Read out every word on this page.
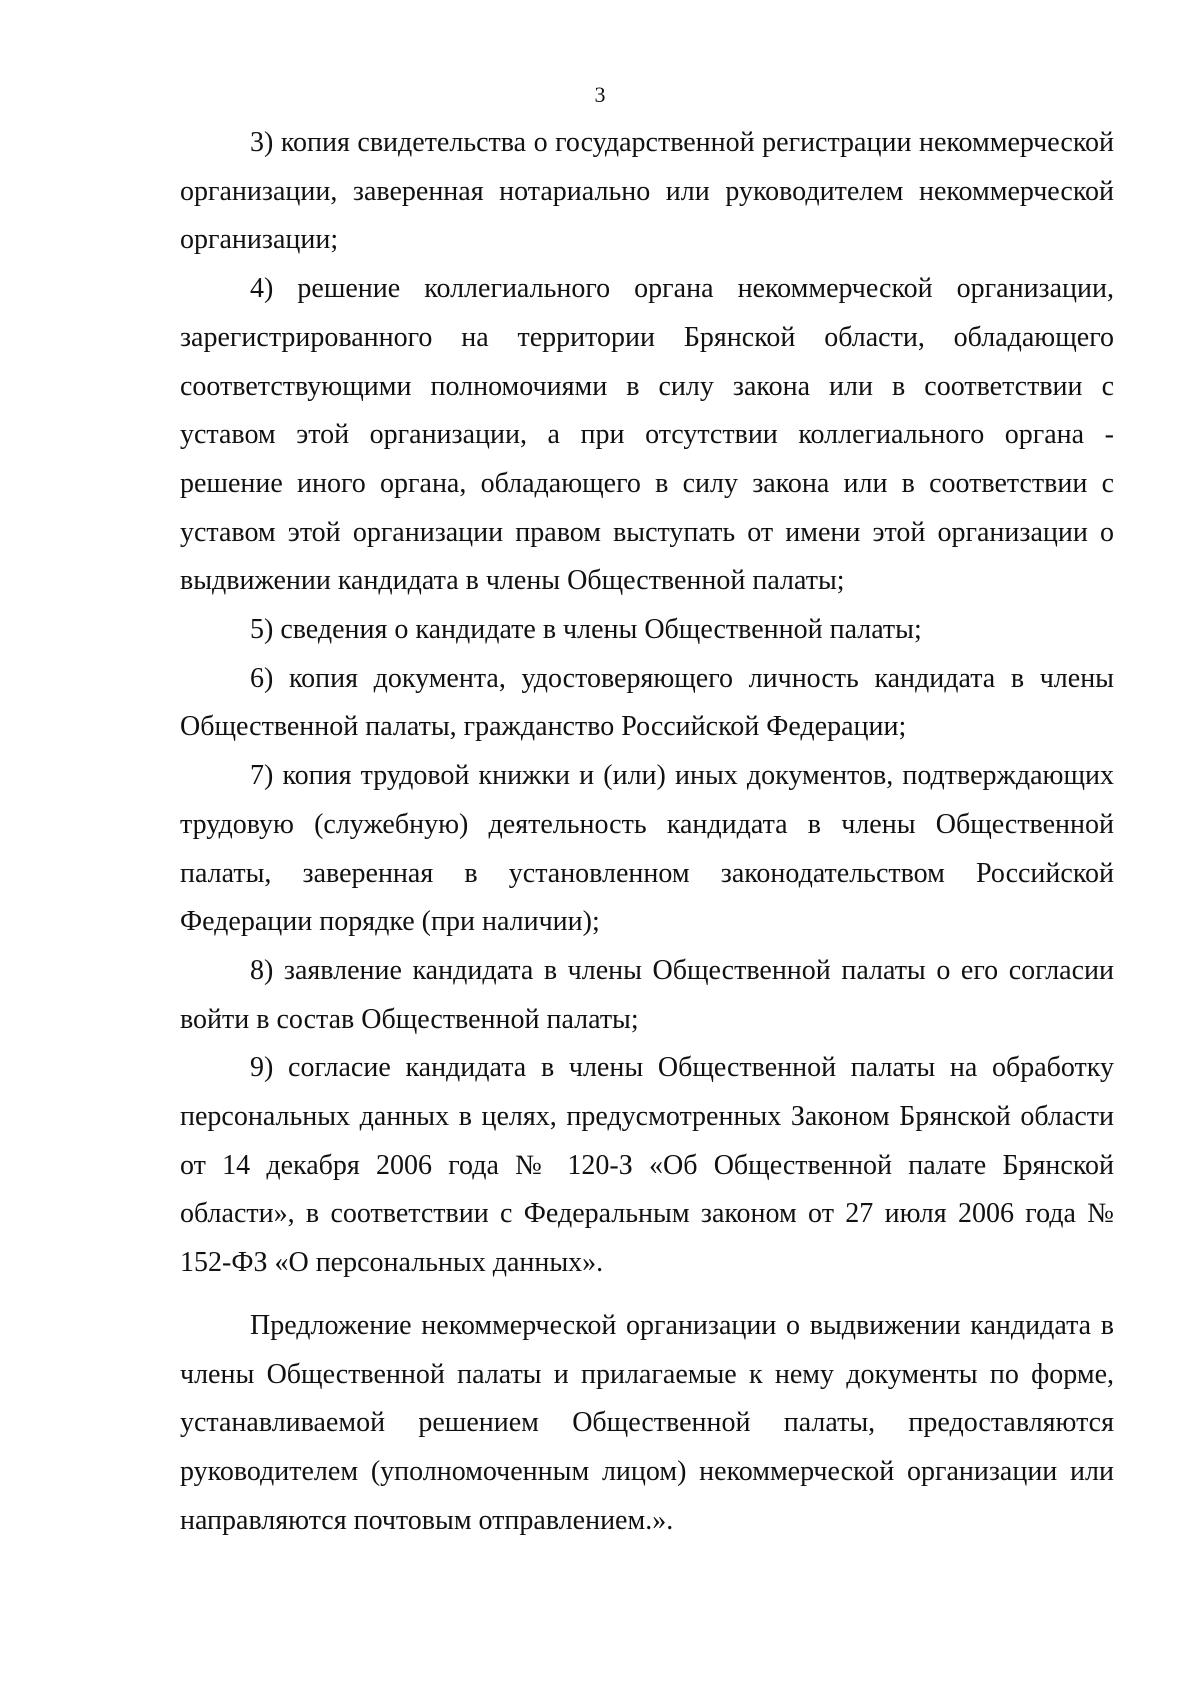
3

3) копия свидетельства о государственной регистрации некоммерческой организации, заверенная нотариально или руководителем некоммерческой организации;

4) решение коллегиального органа некоммерческой организации, зарегистрированного на территории Брянской области, обладающего соответствующими полномочиями в силу закона или в соответствии с уставом этой организации, а при отсутствии коллегиального органа - решение иного органа, обладающего в силу закона или в соответствии с уставом этой организации правом выступать от имени этой организации о выдвижении кандидата в члены Общественной палаты;

5) сведения о кандидате в члены Общественной палаты;

6) копия документа, удостоверяющего личность кандидата в члены Общественной палаты, гражданство Российской Федерации;

7) копия трудовой книжки и (или) иных документов, подтверждающих трудовую (служебную) деятельность кандидата в члены Общественной палаты, заверенная в установленном законодательством Российской Федерации порядке (при наличии);

8) заявление кандидата в члены Общественной палаты о его согласии войти в состав Общественной палаты;

9) согласие кандидата в члены Общественной палаты на обработку персональных данных в целях, предусмотренных Законом Брянской области от 14 декабря 2006 года № 120-З «Об Общественной палате Брянской области», в соответствии с Федеральным законом от 27 июля 2006 года № 152-ФЗ «О персональных данных».

Предложение некоммерческой организации о выдвижении кандидата в члены Общественной палаты и прилагаемые к нему документы по форме, устанавливаемой решением Общественной палаты, предоставляются руководителем (уполномоченным лицом) некоммерческой организации или направляются почтовым отправлением.».
